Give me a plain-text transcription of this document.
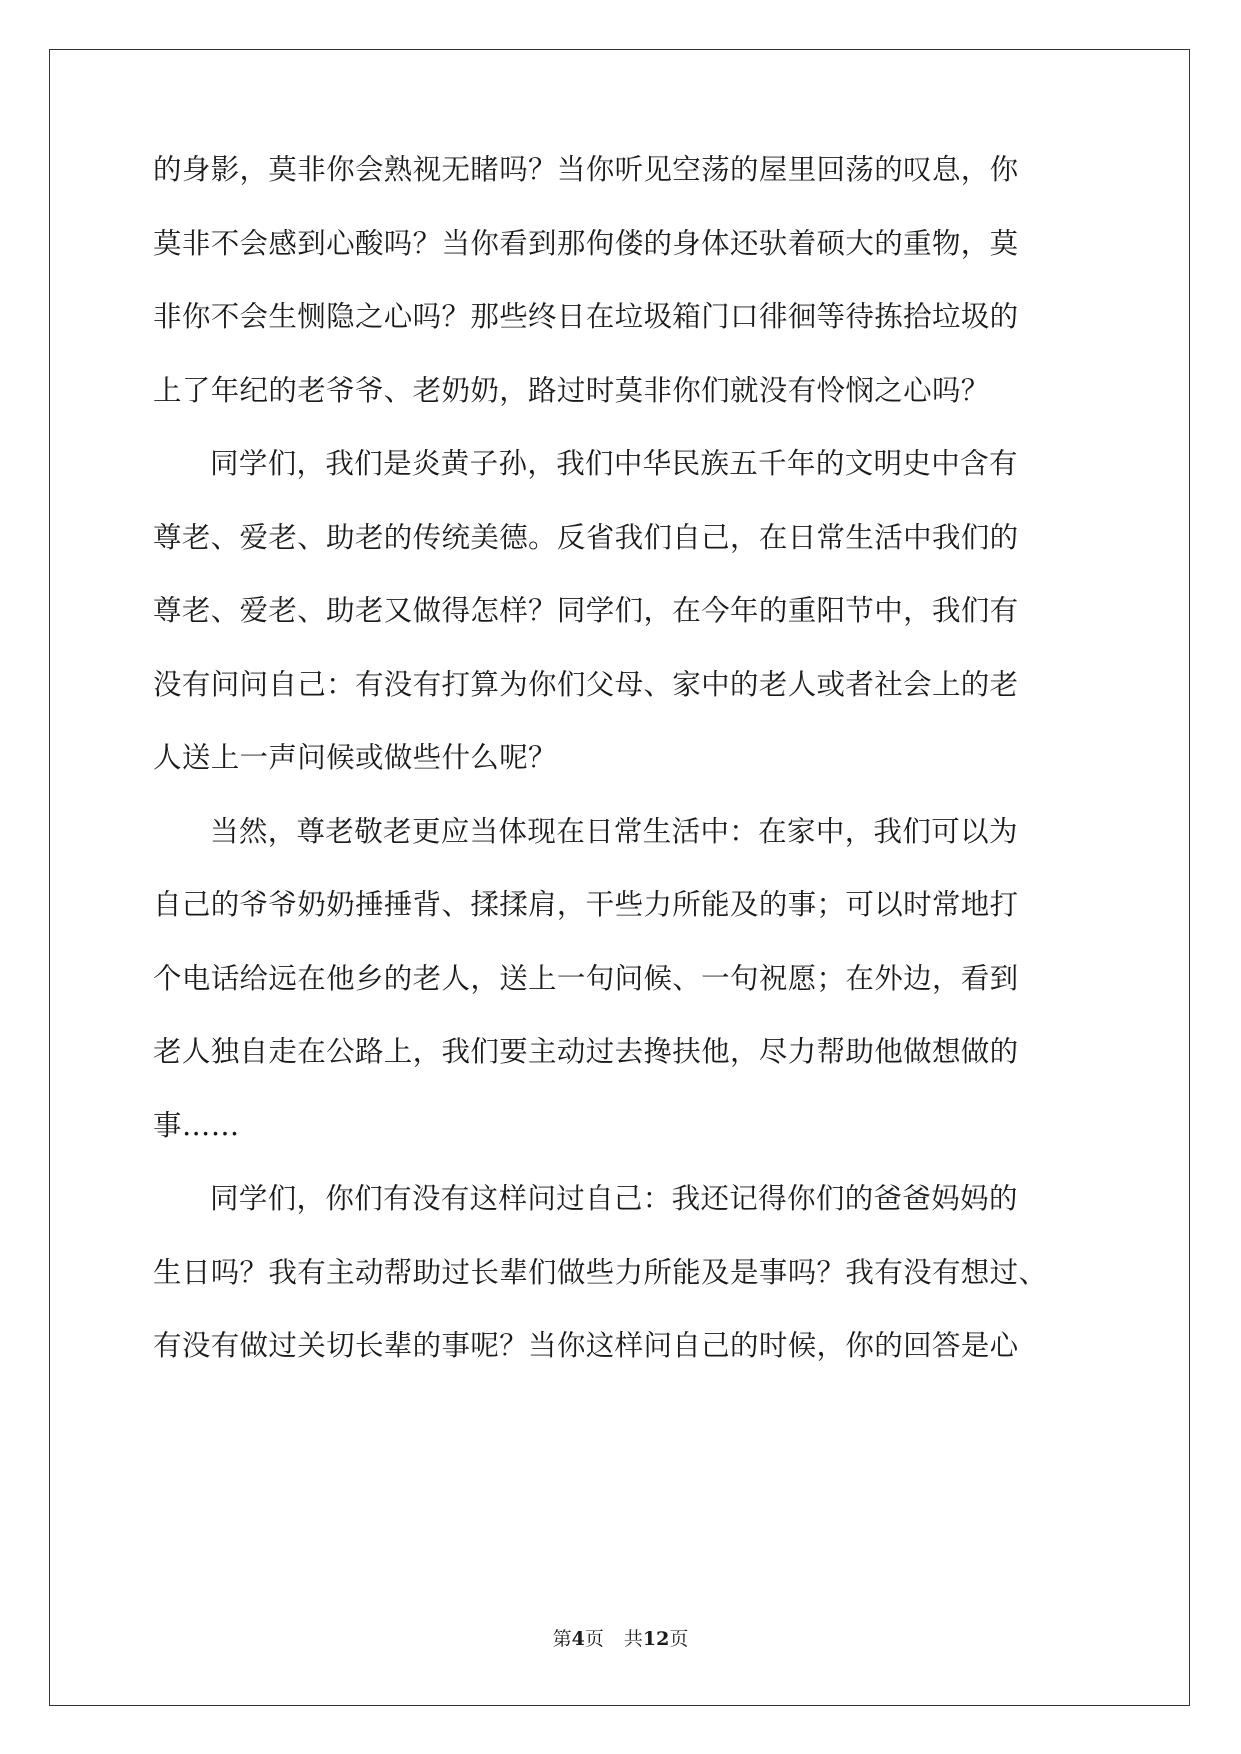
的身影，莫非你会熟视无睹吗？当你听见空荡的屋里回荡的叹息，你
莫非不会感到心酸吗？当你看到那佝偻的身体还驮着硕大的重物，莫
非你不会生恻隐之心吗？那些终日在垃圾箱门口徘徊等待拣拾垃圾的
上了年纪的老爷爷、老奶奶，路过时莫非你们就没有怜悯之心吗？
同学们，我们是炎黄子孙，我们中华民族五千年的文明史中含有
尊老、爱老、助老的传统美德。反省我们自己，在日常生活中我们的
尊老、爱老、助老又做得怎样？同学们，在今年的重阳节中，我们有
没有问问自己：有没有打算为你们父母、家中的老人或者社会上的老
人送上一声问候或做些什么呢？
当然，尊老敬老更应当体现在日常生活中：在家中，我们可以为
自己的爷爷奶奶捶捶背、揉揉肩，干些力所能及的事；可以时常地打
个电话给远在他乡的老人，送上一句问候、一句祝愿；在外边，看到
老人独自走在公路上，我们要主动过去搀扶他，尽力帮助他做想做的
事……
同学们，你们有没有这样问过自己：我还记得你们的爸爸妈妈的
生日吗？我有主动帮助过长辈们做些力所能及是事吗？我有没有想过、
有没有做过关切长辈的事呢？当你这样问自己的时候，你的回答是心
第4页 共12页
